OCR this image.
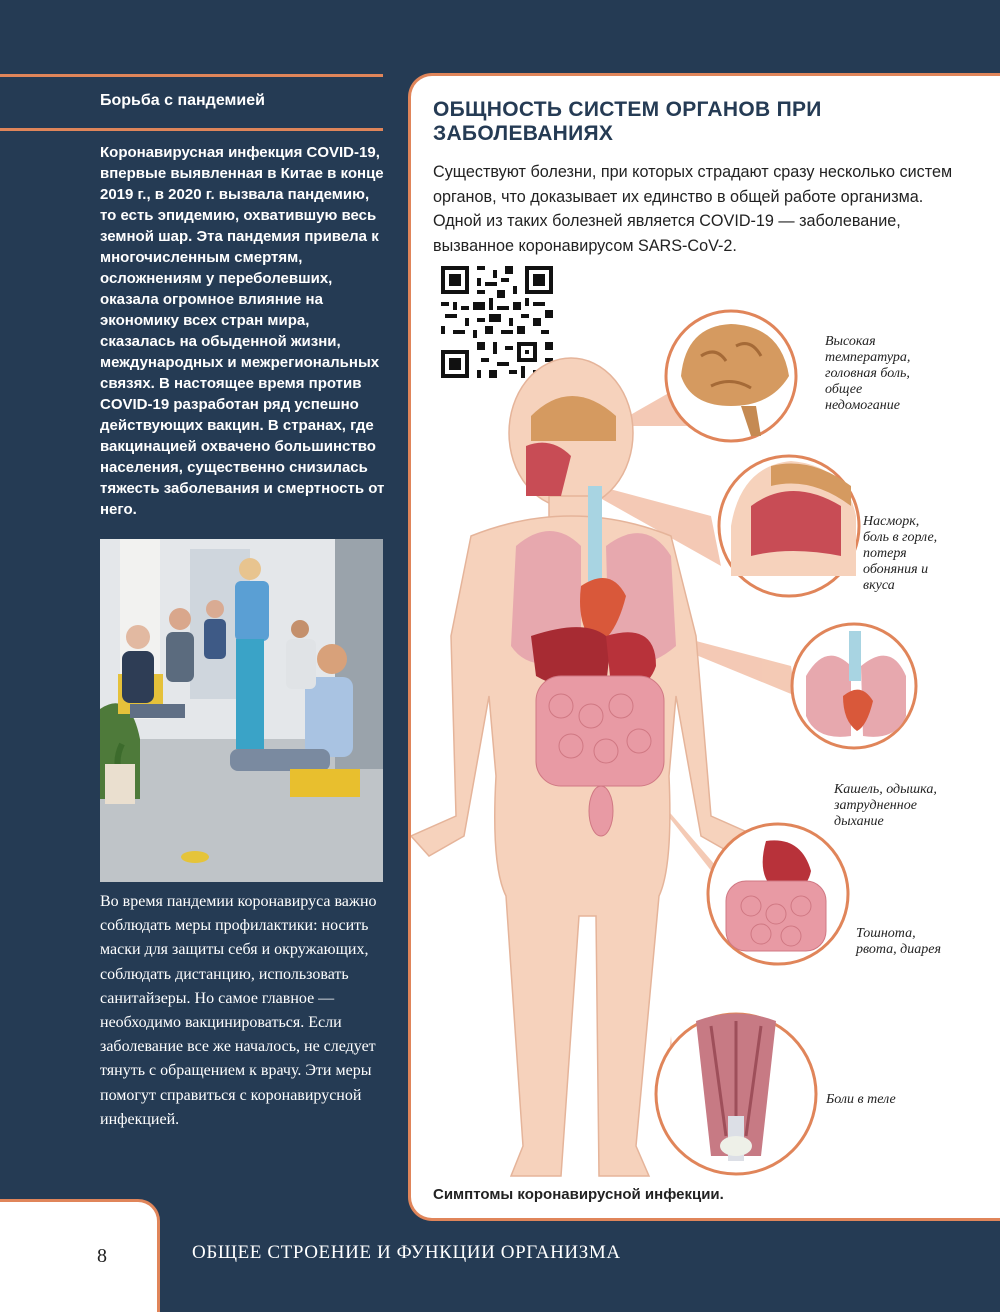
Борьба с пандемией
Коронавирусная инфекция COVID-19, впервые выявленная в Китае в конце 2019 г., в 2020 г. вызвала пандемию, то есть эпидемию, охватившую весь земной шар. Эта пандемия привела к многочисленным смертям, осложнениям у переболевших, оказала огромное влияние на экономику всех стран мира, сказалась на обыденной жизни, международных и межрегиональных связях. В настоящее время против COVID-19 разработан ряд успешно действующих вакцин. В странах, где вакцинацией охвачено большинство населения, существенно снизилась тяжесть заболевания и смертность от него.
Во время пандемии коронавируса важно соблюдать меры профилактики: носить маски для защиты себя и окружающих, соблюдать дистанцию, использовать санитайзеры. Но самое главное — необходимо вакцинироваться. Если заболевание все же началось, не следует тянуть с обращением к врачу. Эти меры помогут справиться с коронавирусной инфекцией.
ОБЩНОСТЬ СИСТЕМ ОРГАНОВ ПРИ ЗАБОЛЕВАНИЯХ
Существуют болезни, при которых страдают сразу несколько систем органов, что доказывает их единство в общей работе организма. Одной из таких болезней является COVID-19 — заболевание, вызванное коронавирусом SARS-CoV-2.
Высокая температура, головная боль, общее недомогание
Насморк, боль в горле, потеря обоняния и вкуса
Кашель, одышка, затрудненное дыхание
Тошнота, рвота, диарея
Боли в теле
Симптомы коронавирусной инфекции.
8	ОБЩЕЕ СТРОЕНИЕ И ФУНКЦИИ ОРГАНИЗМА
